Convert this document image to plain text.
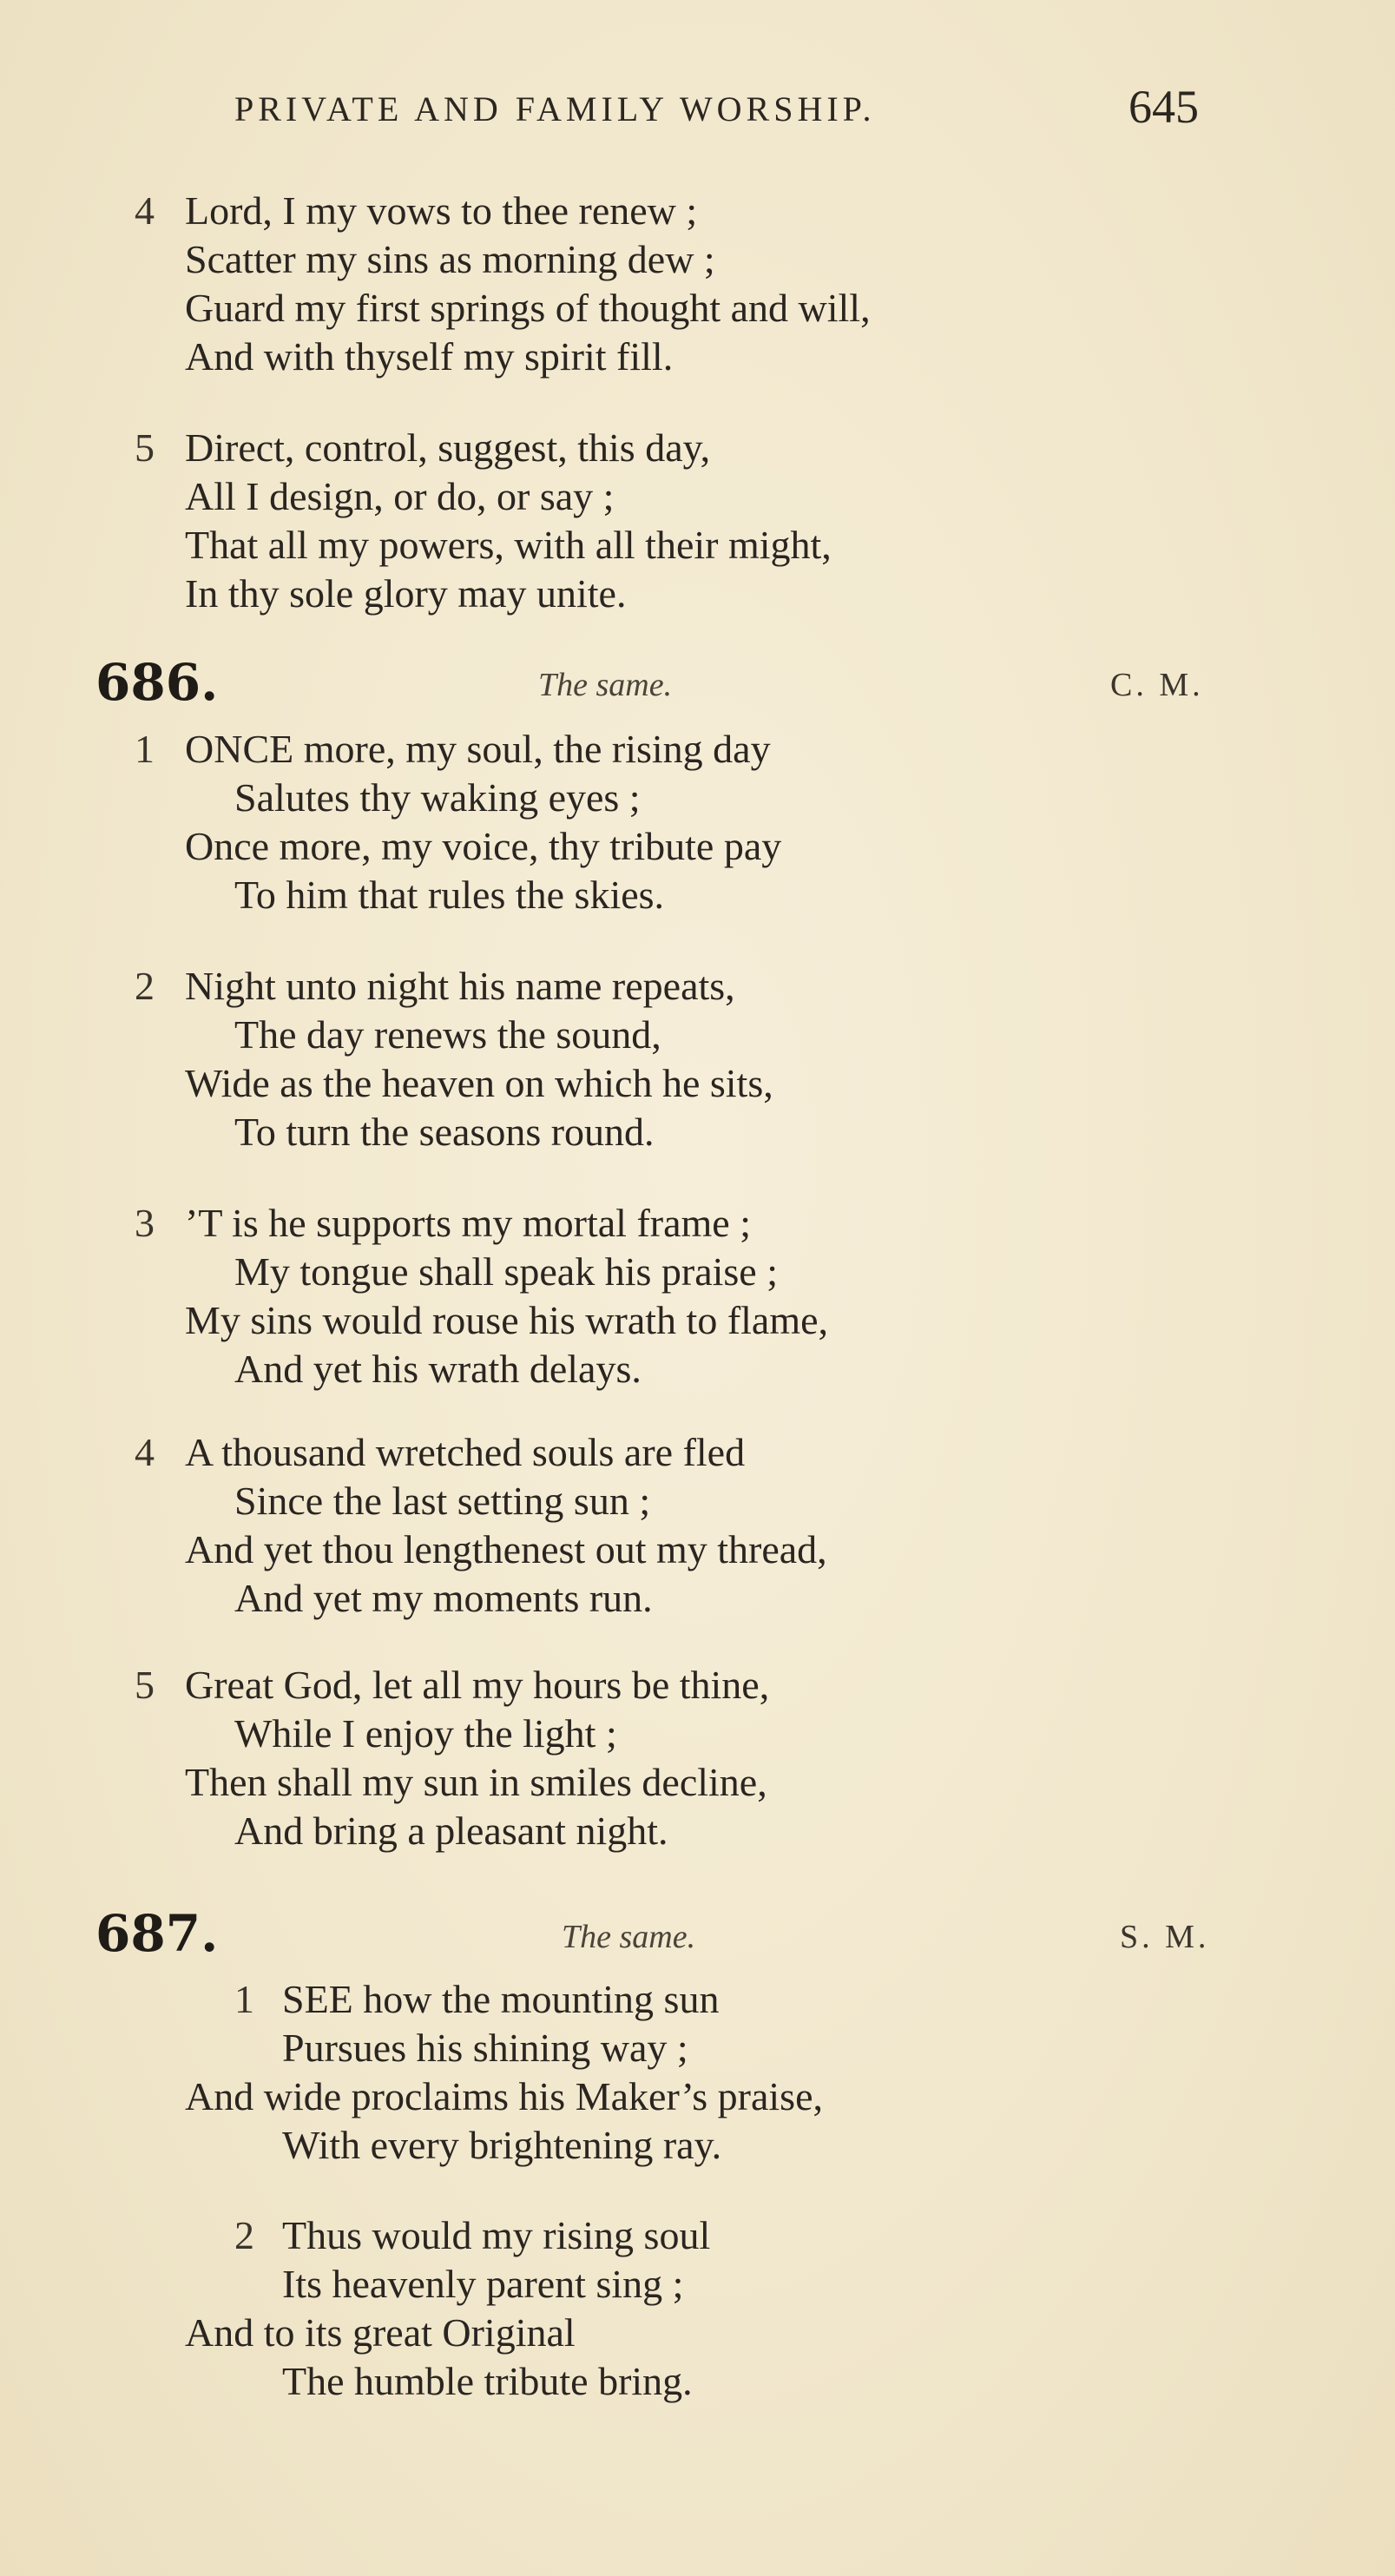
PRIVATE AND FAMILY WORSHIP.	645
4 Lord, I my vows to thee renew ;
Scatter my sins as morning dew ;
Guard my first springs of thought and will,
And with thyself my spirit fill.
5 Direct, control, suggest, this day,
All I design, or do, or say ;
That all my powers, with all their might,
In thy sole glory may unite.
686.	The same.	C. M.
1 ONCE more, my soul, the rising day
Salutes thy waking eyes ;
Once more, my voice, thy tribute pay
To him that rules the skies.
2 Night unto night his name repeats,
The day renews the sound,
Wide as the heaven on which he sits,
To turn the seasons round.
3 ’T is he supports my mortal frame ;
My tongue shall speak his praise ;
My sins would rouse his wrath to flame,
And yet his wrath delays.
4 A thousand wretched souls are fled
Since the last setting sun ;
And yet thou lengthenest out my thread,
And yet my moments run.
5 Great God, let all my hours be thine,
While I enjoy the light ;
Then shall my sun in smiles decline,
And bring a pleasant night.
687.	The same.	S. M.
1 SEE how the mounting sun
Pursues his shining way ;
And wide proclaims his Maker’s praise,
With every brightening ray.
2 Thus would my rising soul
Its heavenly parent sing ;
And to its great Original
The humble tribute bring.
